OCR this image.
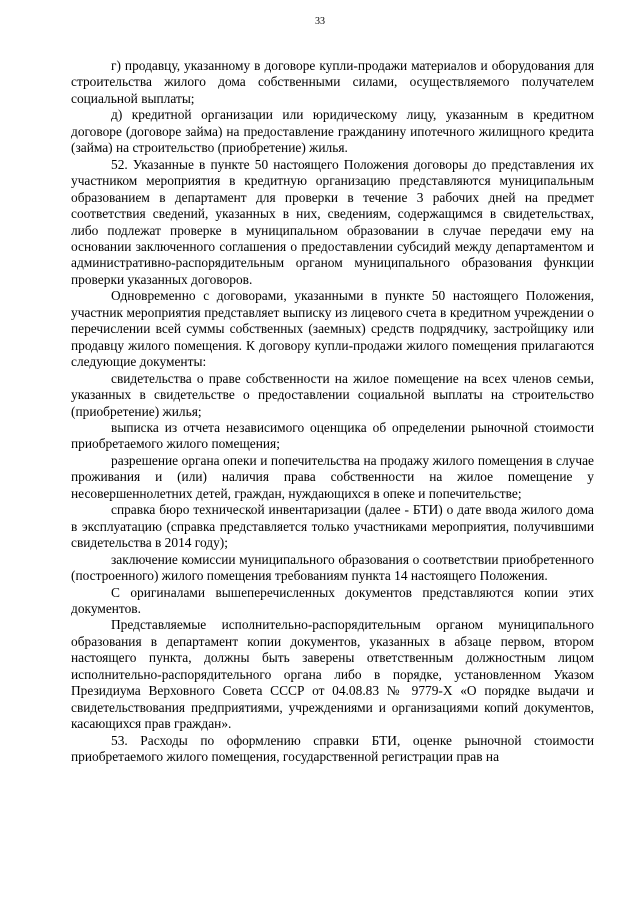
33

г) продавцу, указанному в договоре купли-продажи материалов и оборудования для строительства жилого дома собственными силами, осуществляемого получателем социальной выплаты;

д) кредитной организации или юридическому лицу, указанным в кредитном договоре (договоре займа) на предоставление гражданину ипотечного жилищного кредита (займа) на строительство (приобретение) жилья.

52. Указанные в пункте 50 настоящего Положения договоры до представления их участником мероприятия в кредитную организацию представляются муниципальным образованием в департамент для проверки в течение 3 рабочих дней на предмет соответствия сведений, указанных в них, сведениям, содержащимся в свидетельствах, либо подлежат проверке в муниципальном образовании в случае передачи ему на основании заключенного соглашения о предоставлении субсидий между департаментом и административно-распорядительным органом муниципального образования функции проверки указанных договоров.

Одновременно с договорами, указанными в пункте 50 настоящего Положения, участник мероприятия представляет выписку из лицевого счета в кредитном учреждении о перечислении всей суммы собственных (заемных) средств подрядчику, застройщику или продавцу жилого помещения. К договору купли-продажи жилого помещения прилагаются следующие документы:

свидетельства о праве собственности на жилое помещение на всех членов семьи, указанных в свидетельстве о предоставлении социальной выплаты на строительство (приобретение) жилья;

выписка из отчета независимого оценщика об определении рыночной стоимости приобретаемого жилого помещения;

разрешение органа опеки и попечительства на продажу жилого помещения в случае проживания и (или) наличия права собственности на жилое помещение у несовершеннолетних детей, граждан, нуждающихся в опеке и попечительстве;

справка бюро технической инвентаризации (далее - БТИ) о дате ввода жилого дома в эксплуатацию (справка представляется только участниками мероприятия, получившими свидетельства в 2014 году);

заключение комиссии муниципального образования о соответствии приобретенного (построенного) жилого помещения требованиям пункта 14 настоящего Положения.

С оригиналами вышеперечисленных документов представляются копии этих документов.

Представляемые исполнительно-распорядительным органом муниципального образования в департамент копии документов, указанных в абзаце первом, втором настоящего пункта, должны быть заверены ответственным должностным лицом исполнительно-распорядительного органа либо в порядке, установленном Указом Президиума Верховного Совета СССР от 04.08.83 № 9779-X «О порядке выдачи и свидетельствования предприятиями, учреждениями и организациями копий документов, касающихся прав граждан».

53. Расходы по оформлению справки БТИ, оценке рыночной стоимости приобретаемого жилого помещения, государственной регистрации прав на
